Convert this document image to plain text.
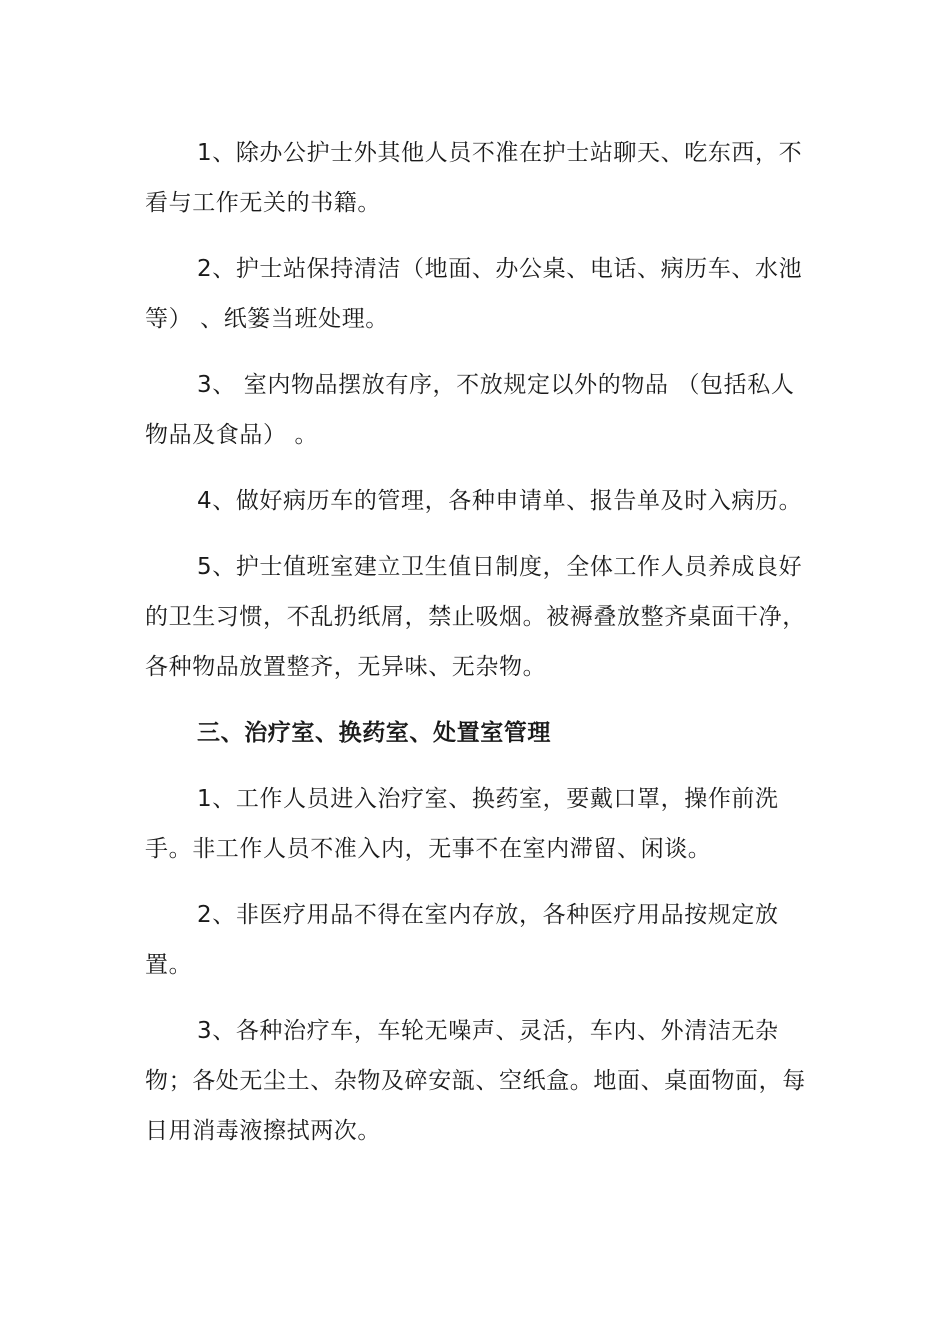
1、除办公护士外其他人员不准在护士站聊天、吃东西，不看与工作无关的书籍。

2、护士站保持清洁（地面、办公桌、电话、病历车、水池等） 、纸篓当班处理。

3、 室内物品摆放有序，不放规定以外的物品 （包括私人物品及食品） 。

4、做好病历车的管理，各种申请单、报告单及时入病历。

5、护士值班室建立卫生值日制度，全体工作人员养成良好的卫生习惯，不乱扔纸屑，禁止吸烟。被褥叠放整齐桌面干净，各种物品放置整齐，无异味、无杂物。

三、治疗室、换药室、处置室管理

1、工作人员进入治疗室、换药室，要戴口罩，操作前洗手。非工作人员不准入内，无事不在室内滞留、闲谈。

2、非医疗用品不得在室内存放，各种医疗用品按规定放置。

3、各种治疗车，车轮无噪声、灵活，车内、外清洁无杂物；各处无尘土、杂物及碎安瓿、空纸盒。地面、桌面物面，每日用消毒液擦拭两次。
